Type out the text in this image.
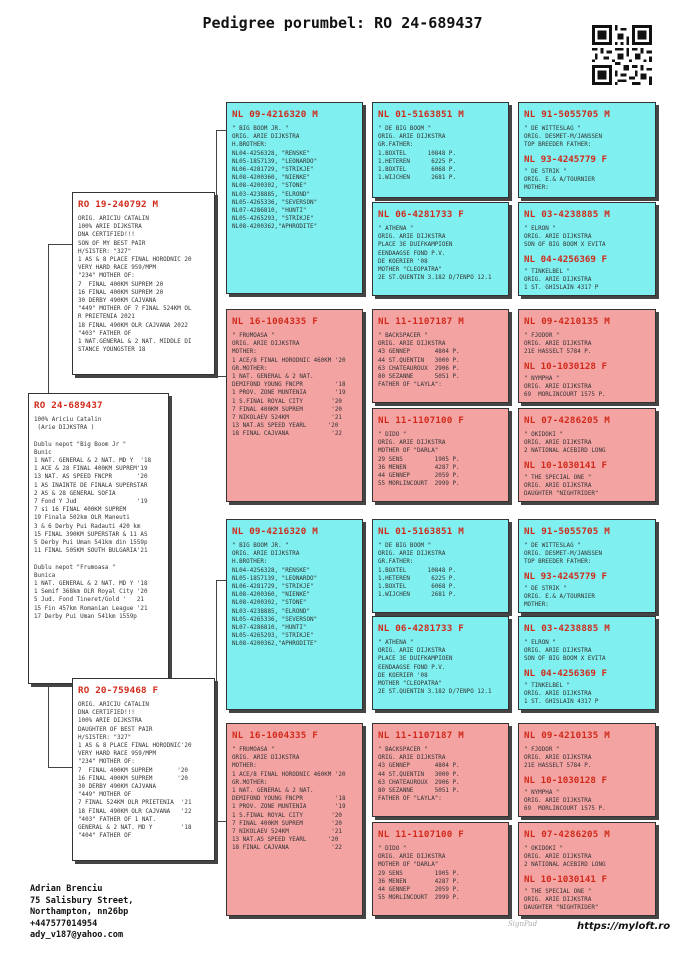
Pedigree porumbel: RO 24-689437
RO 24-689437
100% Ariciu Catalin
(Arie DIJKSTRA )
Dublu nepot "Big Boom Jr "
Bunic
1 NAT. GENERAL & 2 NAT. MD Y  '18
1 ACE & 28 FINAL 400KM SUPREM'19
13 NAT. AS SPEED FNCPR       '20
1 AS INAINTE DE FINALA SUPERSTAR
2 AS & 28 GENERAL SOFIA
7 Fond Y Jud                 '19
7 si 16 FINAL 400KM SUPREM
19 Finala 502km OLR Maneuti
3 & 6 Derby Pui Radauti 420 km
15 FINAL 390KM SUPERSTAR & 11 AS
5 Derby Pui Uman 541km din 1559p
11 FINAL 505KM SOUTH BULGARIA'21
Dublu nepot "Frumoasa "
Bunica
1 NAT. GENERAL & 2 NAT. MD Y '18
1 Semif 368km OLR Royal City '20
5 Jud. Fond Tineret/Gold '   21
15 Fin 457km Romanian League '21
17 Derby Pui Uman 541km 1559p
RO 19-240792 M
ORIG. ARICIU CATALIN
100% ARIE DIJKSTRA
DNA CERTIFIED!!!
SON OF MY BEST PAIR
H/SISTER: "327"
1 AS & 8 PLACE FINAL HORODNIC 20
VERY HARD RACE 959/MPM
"234" MOTHER OF:
7  FINAL 400KM SUPREM 20
16 FINAL 400KM SUPREM 20
30 DERBY 490KM CAJVANA
"449" MOTHER OF 7 FINAL 524KM OL
R PRIETENIA 2021
18 FINAL 490KM OLR CAJVANA 2022
"403" FATHER OF
1 NAT.GENERAL & 2 NAT. MIDDLE DI
STANCE YOUNGSTER 18
RO 20-759468 F
ORIG. ARICIU CATALIN
DNA CERTIFIED!!!
100% ARIE DIJKSTRA
DAUGHTER OF BEST PAIR
H/SISTER: "327"
1 AS & 8 PLACE FINAL HORODNIC'20
VERY HARD RACE 959/MPM
"234" MOTHER OF:
7  FINAL 400KM SUPREM       '20
16 FINAL 400KM SUPREM       '20
30 DERBY 490KM CAJVANA
"449" MOTHER OF
7 FINAL 524KM OLR PRIETENIA  '21
18 FINAL 490KM OLR CAJVANA   '22
"403" FATHER OF 1 NAT.
GENERAL & 2 NAT. MD Y        '18
"404" FATHER OF
NL 09-4216320 M
" BIG BOOM JR. "
ORIG. ARIE DIJKSTRA
H.BROTHER:
NL04-4256328, "RENSKE"
NL05-1857139, "LEONARDO"
NL06-4281729, "STRIKJE"
NL08-4200360, "NIENKE"
NL08-4200302, "STONE"
NL03-4238885, "ELROND"
NL05-4265336, "SEVERSON"
NL07-4286810, "HUNTI"
NL05-4265293, "STRIKJE"
NL08-4200362,"APHRODITE"
NL 16-1004335 F
" FRUMOASA "
ORIG. ARIE DIJKSTRA
MOTHER:
1 ACE/8 FINAL HORODNIC 460KM '20
GR.MOTHER:
1 NAT. GENERAL & 2 NAT.
DEMIFOND YOUNG FNCPR         '18
1 PROV. ZONE MUNTENIA        '19
1 S.FINAL ROYAL CITY        '20
7 FINAL 400KM SUPREM        '20
7 NIKOLAEV 524KM            '21
13 NAT.AS SPEED YEARL      '20
18 FINAL CAJVANA            '22
NL 09-4216320 M
" BIG BOOM JR. "
ORIG. ARIE DIJKSTRA
H.BROTHER:
NL04-4256328, "RENSKE"
NL05-1857139, "LEONARDO"
NL06-4281729, "STRIKJE"
NL08-4200360, "NIENKE"
NL08-4200302, "STONE"
NL03-4238885, "ELROND"
NL05-4265336, "SEVERSON"
NL07-4286810, "HUNTI"
NL05-4265293, "STRIKJE"
NL08-4200362,"APHRODITE"
NL 16-1004335 F
" FRUMOASA "
ORIG. ARIE DIJKSTRA
MOTHER:
1 ACE/8 FINAL HORODNIC 460KM '20
GR.MOTHER:
1 NAT. GENERAL & 2 NAT.
DEMIFOND YOUNG FNCPR         '18
1 PROV. ZONE MUNTENIA        '19
1 S.FINAL ROYAL CITY        '20
7 FINAL 400KM SUPREM        '20
7 NIKOLAEV 524KM            '21
13 NAT.AS SPEED YEARL      '20
18 FINAL CAJVANA            '22
NL 01-5163851 M
" DE BIG BOOM "
ORIG. ARIE DIJKSTRA
GR.FATHER:
1.BOXTEL      10848 P.
1.HETEREN      6225 P.
1.BOXTEL       6068 P.
1.WIJCHEN      2681 P.
NL 06-4281733 F
" ATHENA "
ORIG. ARIE DIJKSTRA
PLACE 3E DUIFKAMPIOEN
EENDAAGSE FOND P.V.
DE KOERIER '08
MOTHER "CLEOPATRA"
2E ST.QUENTIN 3.182 D/7ENPO 12.1
NL 11-1107187 M
" BACKSPACER "
ORIG. ARIE DIJKSTRA
43 GENNEP       4804 P.
44 ST.QUENTIN   3000 P.
63 CHATEAUROUX  2906 P.
80 SEZANNE      5051 P.
FATHER OF "LAYLA":
NL 11-1107100 F
" DIDO "
ORIG. ARIE DIJKSTRA
MOTHER OF "DARLA"
29 SENS         1905 P.
36 MENEN        4287 P.
44 GENNEP       2059 P.
55 MORLINCOURT  2999 P.
NL 01-5163851 M
" DE BIG BOOM "
ORIG. ARIE DIJKSTRA
GR.FATHER:
1.BOXTEL      10848 P.
1.HETEREN      6225 P.
1.BOXTEL       6068 P.
1.WIJCHEN      2681 P.
NL 06-4281733 F
" ATHENA "
ORIG. ARIE DIJKSTRA
PLACE 3E DUIFKAMPIOEN
EENDAAGSE FOND P.V.
DE KOERIER '08
MOTHER "CLEOPATRA"
2E ST.QUENTIN 3.182 D/7ENPO 12.1
NL 11-1107187 M
" BACKSPACER "
ORIG. ARIE DIJKSTRA
43 GENNEP       4804 P.
44 ST.QUENTIN   3000 P.
63 CHATEAUROUX  2906 P.
80 SEZANNE      5051 P.
FATHER OF "LAYLA":
NL 11-1107100 F
" DIDO "
ORIG. ARIE DIJKSTRA
MOTHER OF "DARLA"
29 SENS         1905 P.
36 MENEN        4287 P.
44 GENNEP       2059 P.
55 MORLINCOURT  2999 P.
NL 91-5055705 M
" DE WITTESLAG "
ORIG. DESMET-M/JANSSEN
TOP BREEDER FATHER:
NL 93-4245779 F
" DE STRIK "
ORIG. E.& A/TOURNIER
MOTHER:
NL 03-4238885 M
" ELRON "
ORIG. ARIE DIJKSTRA
SON OF BIG BOOM X EVITA
NL 04-4256369 F
" TINKELBEL "
ORIG. ARIE DIJKSTRA
1 ST. GHISLAIN 4317 P
NL 09-4210135 M
" FJODOR "
ORIG. ARIE DIJKSTRA
21E HASSELT 5784 P.
NL 10-1030128 F
" NYMPHA "
ORIG. ARIE DIJKSTRA
69  MORLINCOURT 1575 P.
NL 07-4286205 M
" OKIDOKI "
ORIG. ARIE DIJKSTRA
2 NATIONAL ACEBIRD LONG
NL 10-1030141 F
" THE SPECIAL ONE "
ORIG. ARIE DIJKSTRA
DAUGHTER "NIGHTRIDER"
NL 91-5055705 M
" DE WITTESLAG "
ORIG. DESMET-M/JANSSEN
TOP BREEDER FATHER:
NL 93-4245779 F
" DE STRIK "
ORIG. E.& A/TOURNIER
MOTHER:
NL 03-4238885 M
" ELRON "
ORIG. ARIE DIJKSTRA
SON OF BIG BOOM X EVITA
NL 04-4256369 F
" TINKELBEL "
ORIG. ARIE DIJKSTRA
1 ST. GHISLAIN 4317 P
NL 09-4210135 M
" FJODOR "
ORIG. ARIE DIJKSTRA
21E HASSELT 5784 P.
NL 10-1030128 F
" NYMPHA "
ORIG. ARIE DIJKSTRA
69  MORLINCOURT 1575 P.
NL 07-4286205 M
" OKIDOKI "
ORIG. ARIE DIJKSTRA
2 NATIONAL ACEBIRD LONG
NL 10-1030141 F
" THE SPECIAL ONE "
ORIG. ARIE DIJKSTRA
DAUGHTER "NIGHTRIDER"
Adrian Brenciu
75 Salisbury Street,
Northampton, nn26bp
+447577014954
ady_v187@yahoo.com
SignPad	https://myloft.ro
